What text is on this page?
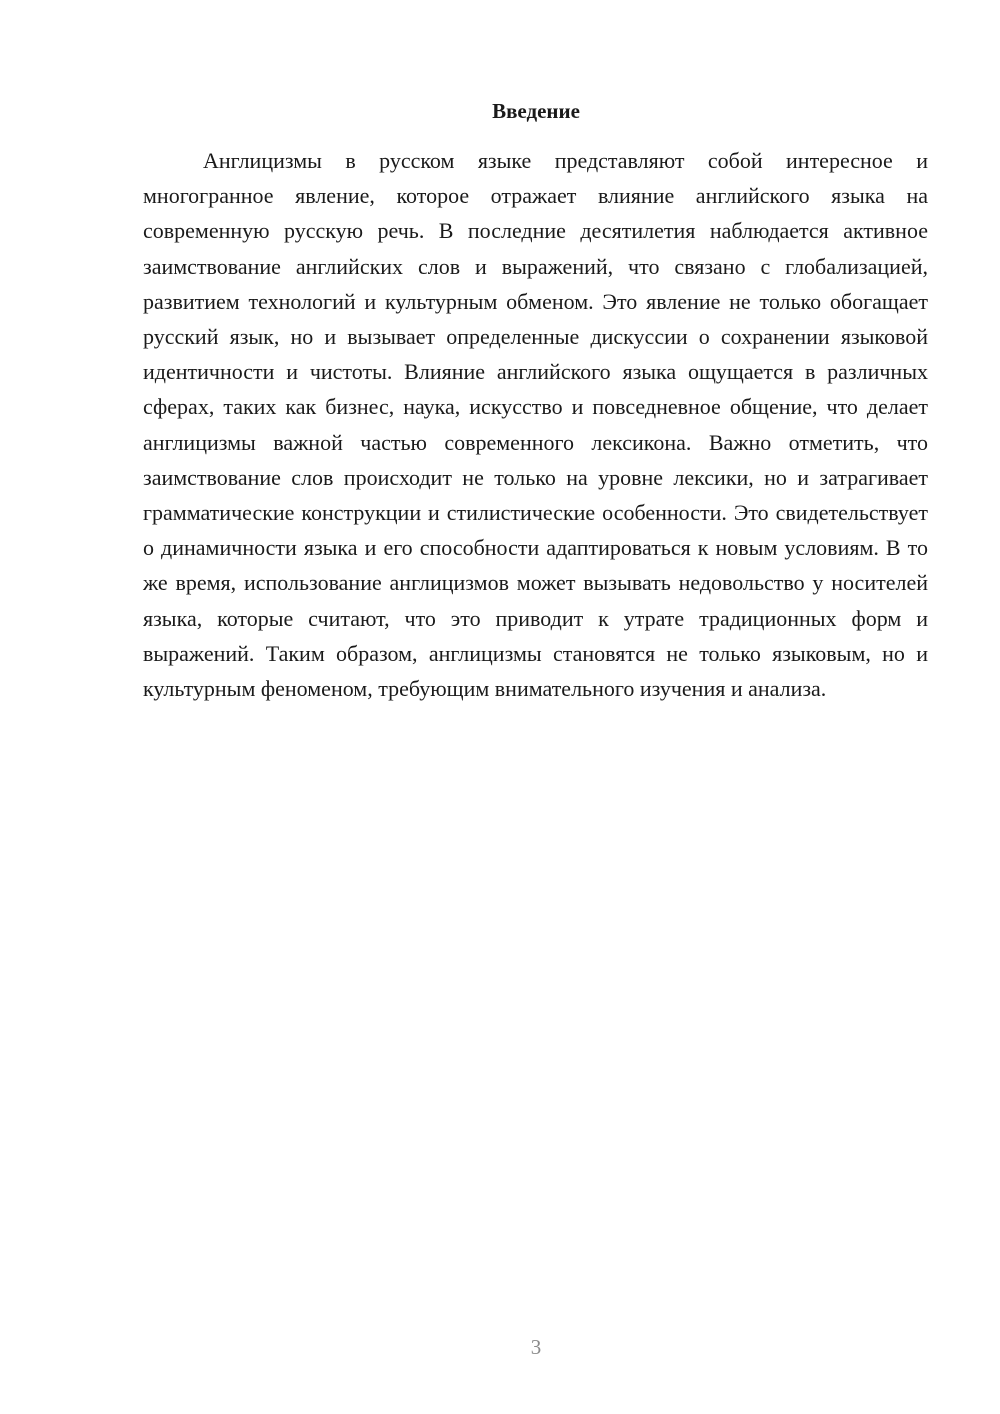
Введение

Англицизмы в русском языке представляют собой интересное и многогранное явление, которое отражает влияние английского языка на современную русскую речь. В последние десятилетия наблюдается активное заимствование английских слов и выражений, что связано с глобализацией, развитием технологий и культурным обменом. Это явление не только обогащает русский язык, но и вызывает определенные дискуссии о сохранении языковой идентичности и чистоты. Влияние английского языка ощущается в различных сферах, таких как бизнес, наука, искусство и повседневное общение, что делает англицизмы важной частью современного лексикона. Важно отметить, что заимствование слов происходит не только на уровне лексики, но и затрагивает грамматические конструкции и стилистические особенности. Это свидетельствует о динамичности языка и его способности адаптироваться к новым условиям. В то же время, использование англицизмов может вызывать недовольство у носителей языка, которые считают, что это приводит к утрате традиционных форм и выражений. Таким образом, англицизмы становятся не только языковым, но и культурным феноменом, требующим внимательного изучения и анализа.

3
